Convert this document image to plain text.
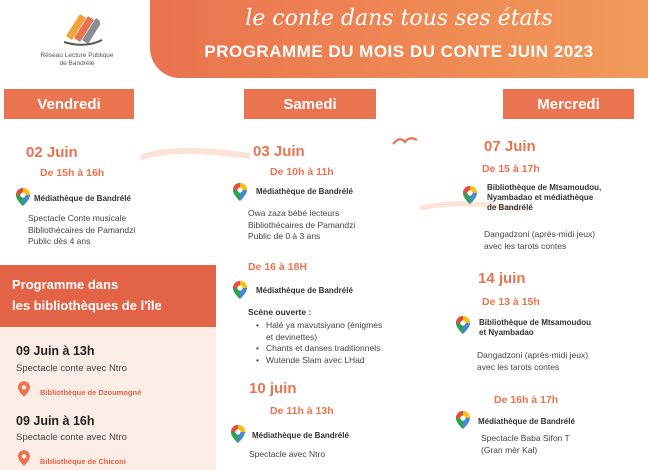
Réseau Lecture Publique
de Bandrélé
le conte dans tous ses états
PROGRAMME DU MOIS DU CONTE JUIN 2023
Vendredi	Samedi	Mercredi
02 Juin
De 15h à 16h
Médiathèque de Bandrélé
Spectacle Conte musicale
Bibliothécaires de Pamandzi
Public dès 4 ans
Programme dans
les bibliothèques de l'île
09 Juin à 13h
Spectacle conte avec Ntro
Bibliothèque de Dzoumogné
09 Juin à 16h
Spectacle conte avec Ntro
Bibliothèque de Chiconi
03 Juin
De 10h à 11h
Médiathèque de Bandrélé
Owa zaza bébé lecteurs
Bibliothécaires de Pamandzi
Public de 0 à 3 ans
De 16 à 18H
Médiathèque de Bandrélé
Scène ouverte :
• Halé ya mavutsiyano (énigmes
et devinettes)
• Chants et danses traditionnels
• Wutende Slam avec LHad
10 juin
De 11h à 13h
Médiathèque de Bandrélé
Spectacle avec Ntro
07 Juin
De 15 à 17h
Bibliothèque de Mtsamoudou,
Nyambadao et médiathèque
de Bandrélé
Dangadzoni (après-midi jeux)
avec les tarots contes
14 juin
De 13 à 15h
Bibliothèque de Mtsamoudou
et Nyambadao
Dangadzoni (après-midi jeux)
avec les tarots contes
De 16h à 17h
Médiathèque de Bandrélé
Spectacle Baba Sifon T
(Gran mèr Kal)
